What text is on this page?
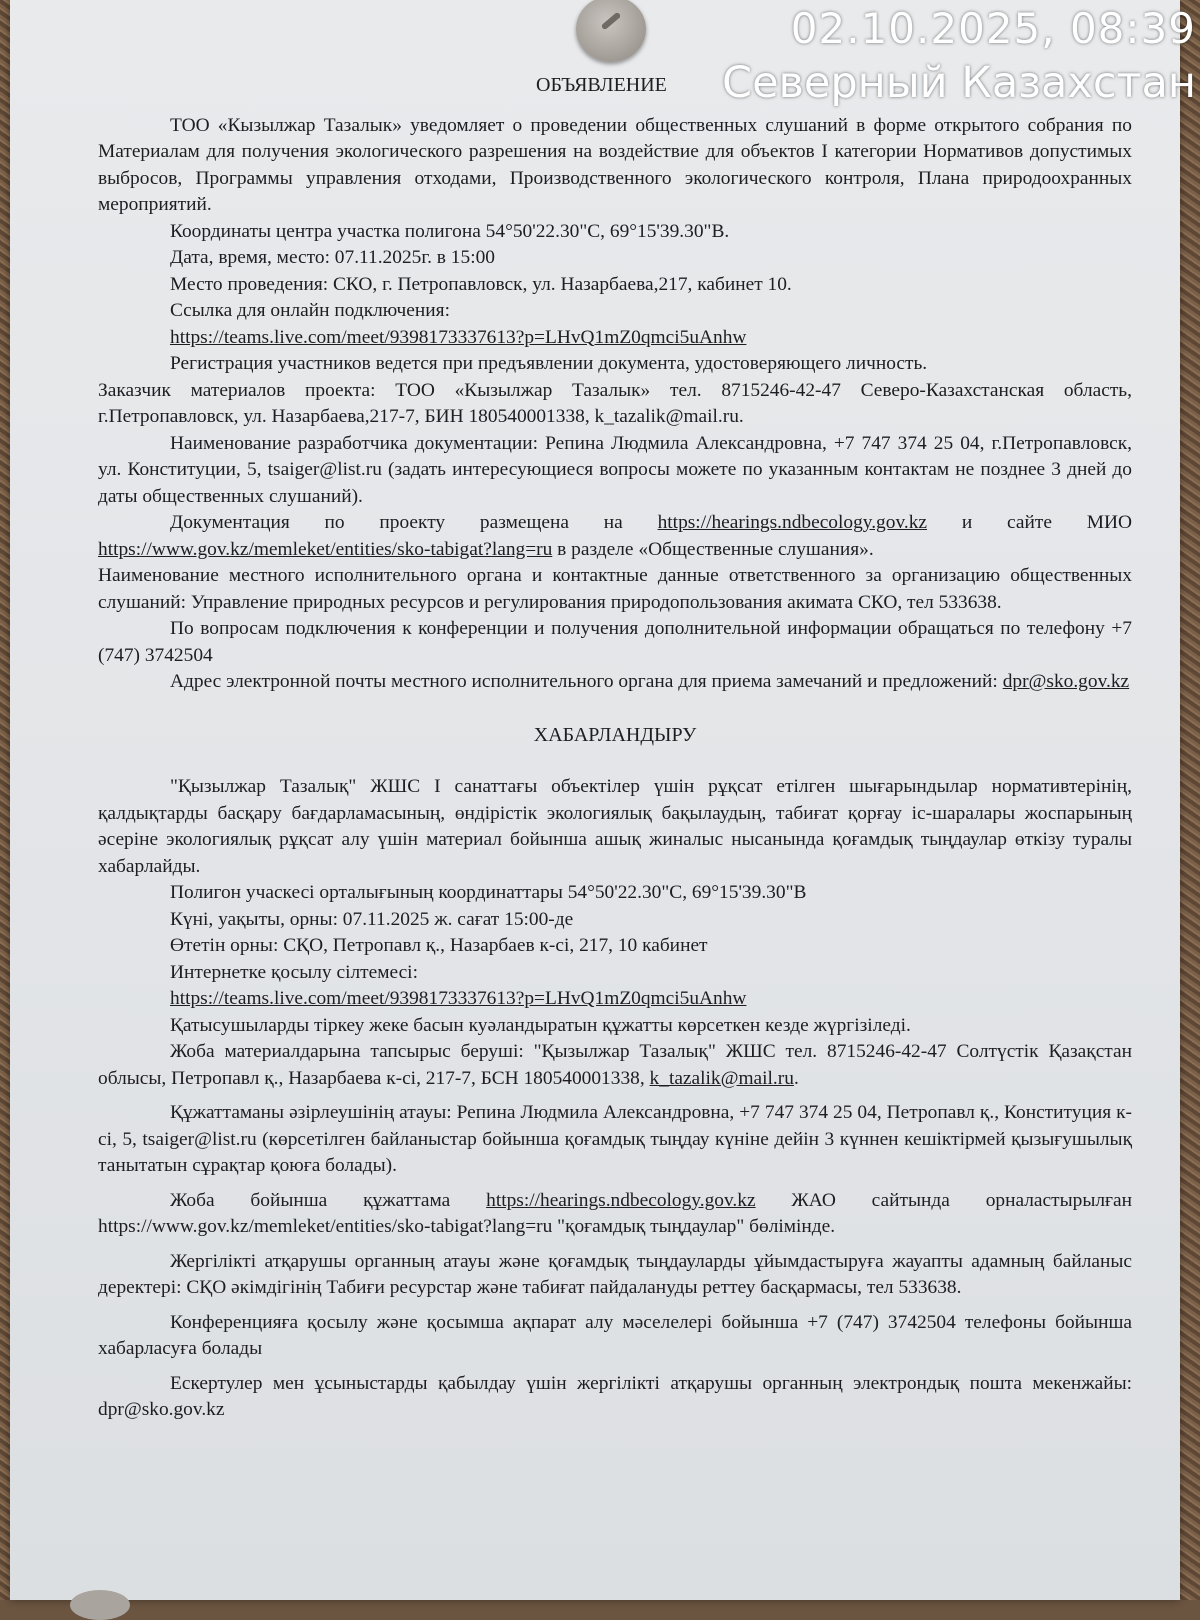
ОБЪЯВЛЕНИЕ

ТОО «Кызылжар Тазалык» уведомляет о проведении общественных слушаний в форме открытого собрания по Материалам для получения экологического разрешения на воздействие для объектов I категории Нормативов допустимых выбросов, Программы управления отходами, Производственного экологического контроля, Плана природоохранных мероприятий.

Координаты центра участка полигона 54°50'22.30"С, 69°15'39.30"В.

Дата, время, место: 07.11.2025г. в 15:00

Место проведения: СКО, г. Петропавловск, ул. Назарбаева,217, кабинет 10.

Ссылка для онлайн подключения:

https://teams.live.com/meet/9398173337613?p=LHvQ1mZ0qmci5uAnhw

Регистрация участников ведется при предъявлении документа, удостоверяющего личность.

Заказчик материалов проекта: ТОО «Кызылжар Тазалык» тел. 8715246-42-47 Северо-Казахстанская область, г.Петропавловск, ул. Назарбаева,217-7, БИН 180540001338, k_tazalik@mail.ru.

Наименование разработчика документации: Репина Людмила Александровна, +7 747 374 25 04, г.Петропавловск, ул. Конституции, 5, tsaiger@list.ru (задать интересующиеся вопросы можете по указанным контактам не позднее 3 дней до даты общественных слушаний).

Документация по проекту размещена на https://hearings.ndbecology.gov.kz и сайте МИО https://www.gov.kz/memleket/entities/sko-tabigat?lang=ru в разделе «Общественные слушания».

Наименование местного исполнительного органа и контактные данные ответственного за организацию общественных слушаний: Управление природных ресурсов и регулирования природопользования акимата СКО, тел 533638.

По вопросам подключения к конференции и получения дополнительной информации обращаться по телефону +7 (747) 3742504

Адрес электронной почты местного исполнительного органа для приема замечаний и предложений: dpr@sko.gov.kz

ХАБАРЛАНДЫРУ

"Қызылжар Тазалық" ЖШС I санаттағы объектілер үшін рұқсат етілген шығарындылар нормативтерінің, қалдықтарды басқару бағдарламасының, өндірістік экологиялық бақылаудың, табиғат қорғау іс-шаралары жоспарының әсеріне экологиялық рұқсат алу үшін материал бойынша ашық жиналыс нысанында қоғамдық тыңдаулар өткізу туралы хабарлайды.

Полигон учаскесі орталығының координаттары 54°50'22.30"С, 69°15'39.30"В

Күні, уақыты, орны: 07.11.2025 ж. сағат 15:00-де

Өтетін орны: СҚО, Петропавл қ., Назарбаев к-сі, 217, 10 кабинет

Интернетке қосылу сілтемесі:

https://teams.live.com/meet/9398173337613?p=LHvQ1mZ0qmci5uAnhw

Қатысушыларды тіркеу жеке басын куәландыратын құжатты көрсеткен кезде жүргізіледі.

Жоба материалдарына тапсырыс беруші: "Қызылжар Тазалық" ЖШС тел. 8715246-42-47 Солтүстік Қазақстан облысы, Петропавл қ., Назарбаева к-сі, 217-7, БСН 180540001338, k_tazalik@mail.ru.

Құжаттаманы әзірлеушінің атауы: Репина Людмила Александровна, +7 747 374 25 04, Петропавл қ., Конституция к-сі, 5, tsaiger@list.ru (көрсетілген байланыстар бойынша қоғамдық тыңдау күніне дейін 3 күннен кешіктірмей қызығушылық танытатын сұрақтар қоюға болады).

Жоба бойынша құжаттама https://hearings.ndbecology.gov.kz ЖАО сайтында орналастырылған https://www.gov.kz/memleket/entities/sko-tabigat?lang=ru "қоғамдық тыңдаулар" бөлімінде.

Жергілікті атқарушы органның атауы және қоғамдық тыңдауларды ұйымдастыруға жауапты адамның байланыс деректері: СҚО әкімдігінің Табиғи ресурстар және табиғат пайдалануды реттеу басқармасы, тел 533638.

Конференцияға қосылу және қосымша ақпарат алу мәселелері бойынша +7 (747) 3742504 телефоны бойынша хабарласуға болады

Ескертулер мен ұсыныстарды қабылдау үшін жергілікті атқарушы органның электрондық пошта мекенжайы: dpr@sko.gov.kz

02.10.2025, 08:39
Северный Казахстан
